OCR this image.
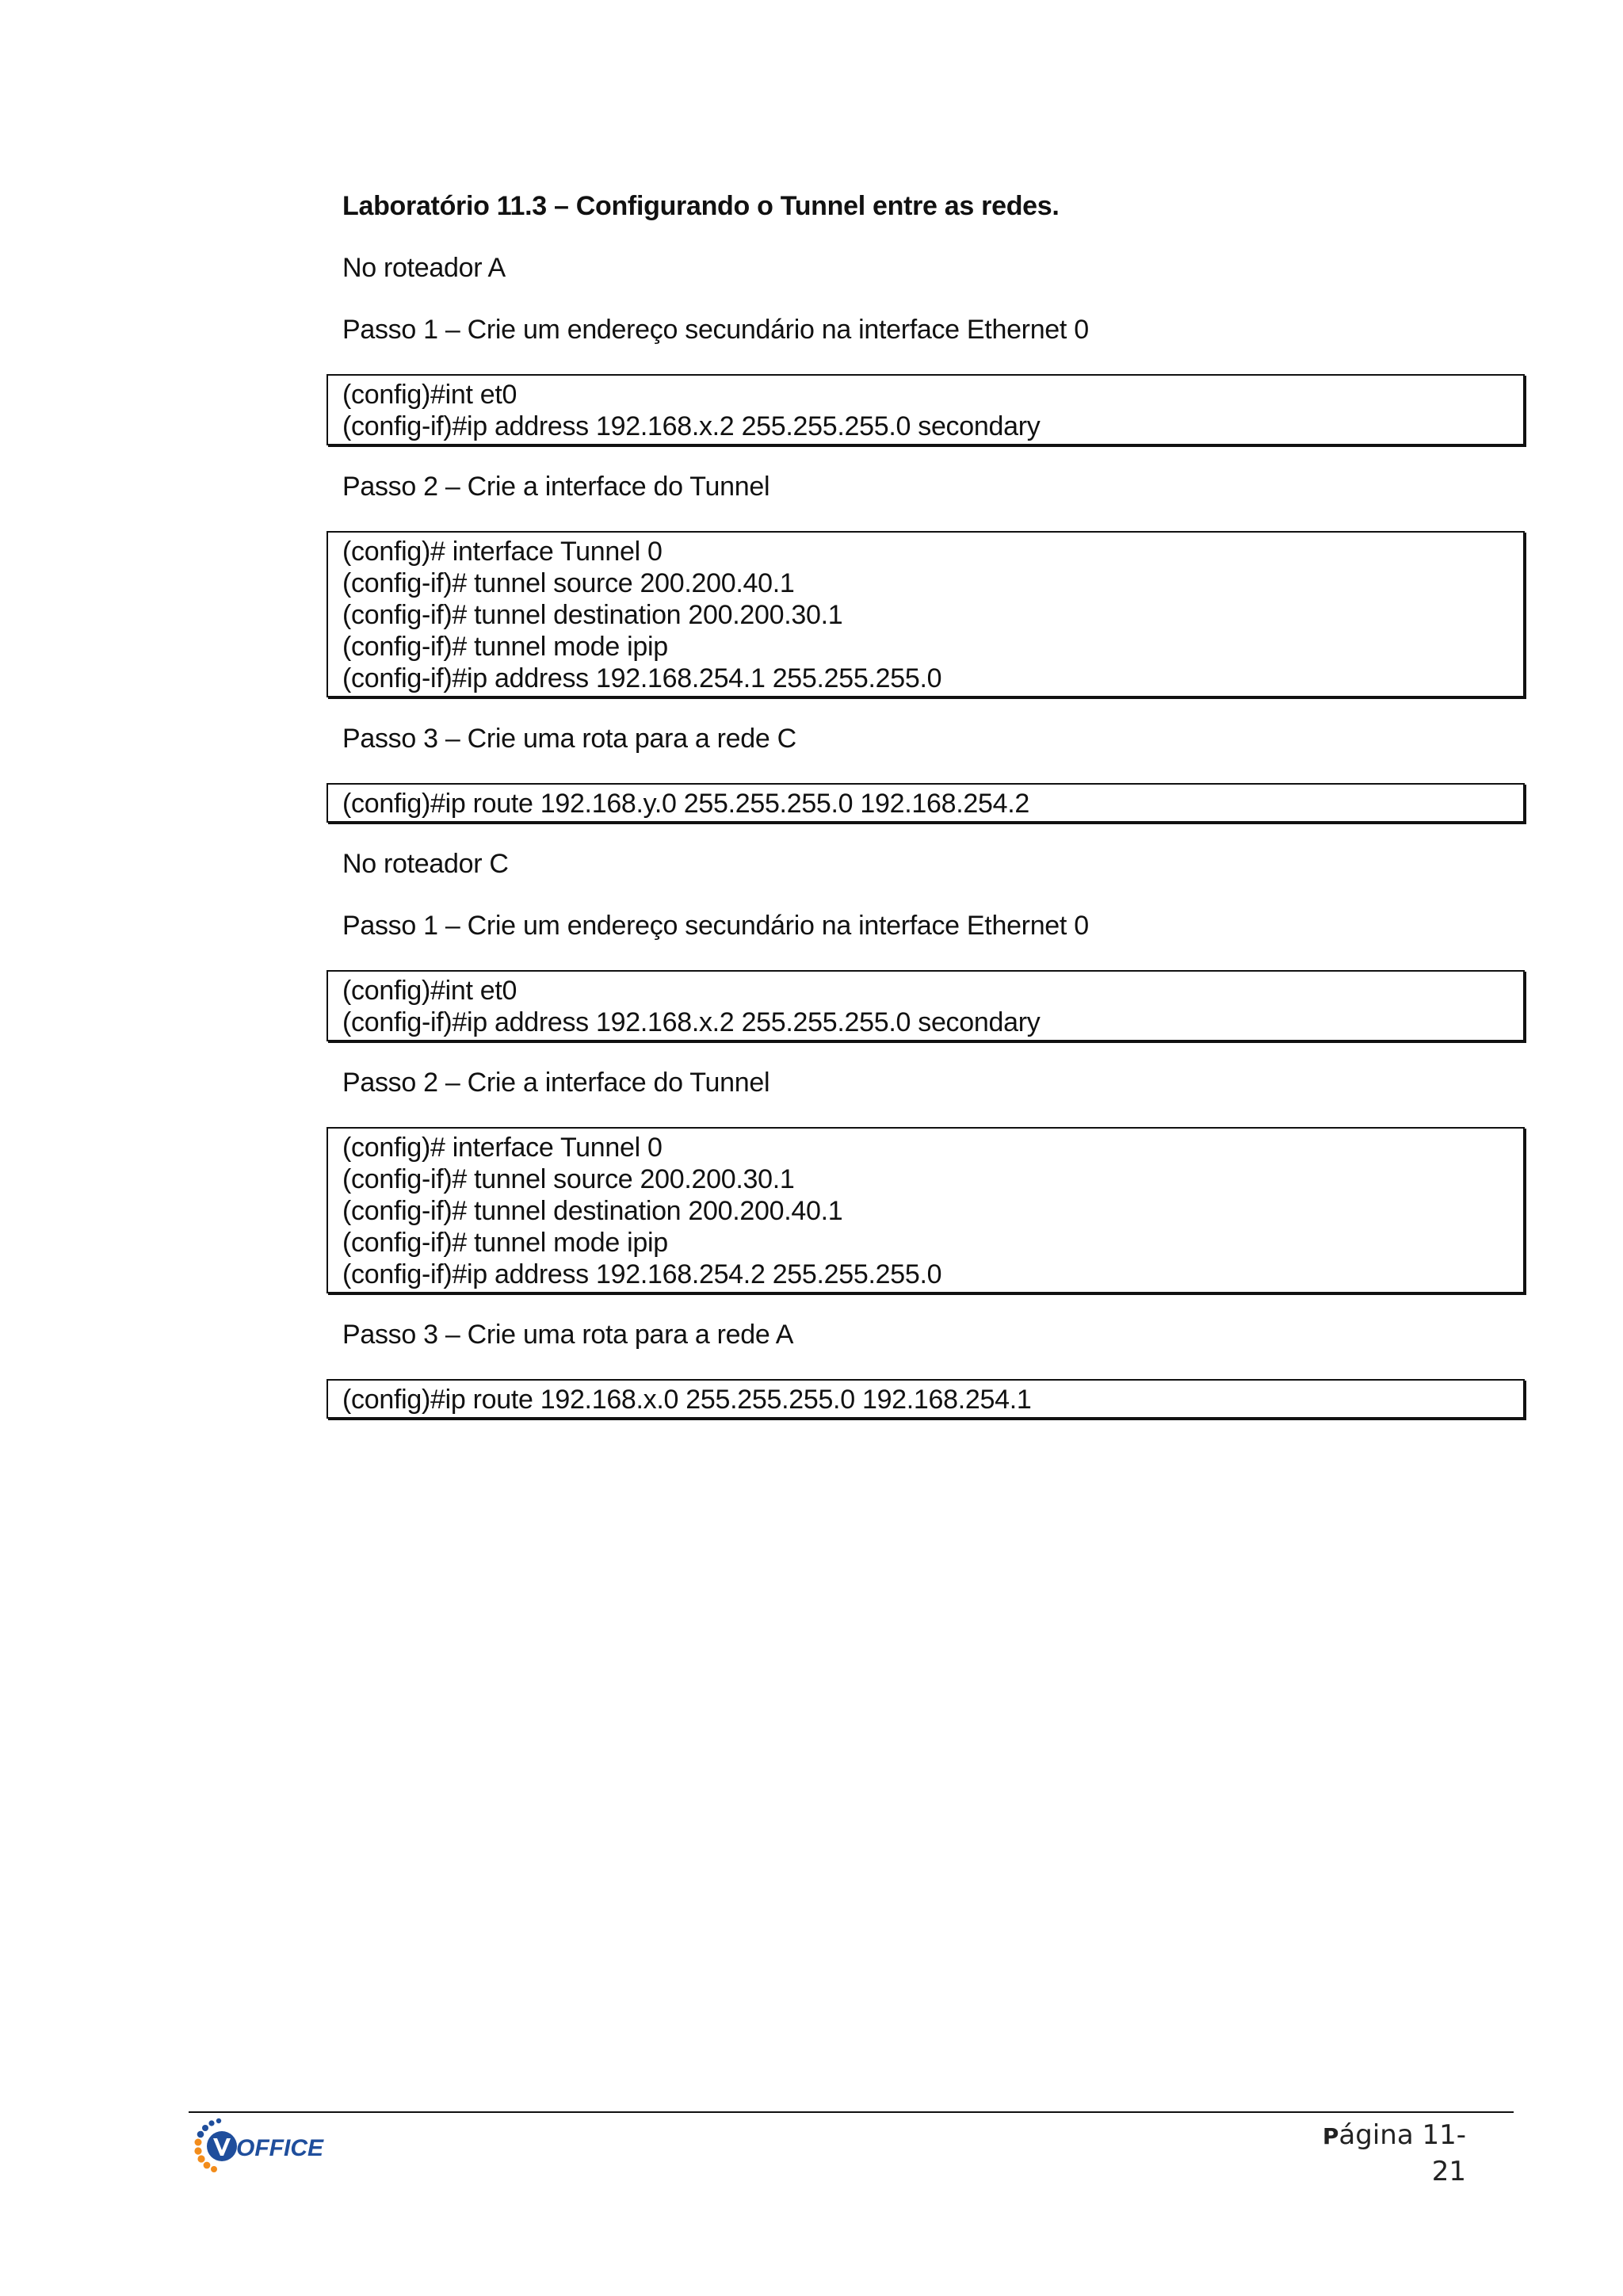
Laboratório 11.3 – Configurando o Tunnel entre as redes.
No roteador A
Passo 1 – Crie um endereço secundário na interface Ethernet 0
(config)#int et0
(config-if)#ip address 192.168.x.2 255.255.255.0 secondary
Passo 2 – Crie a interface do Tunnel
(config)# interface Tunnel 0
(config-if)# tunnel source 200.200.40.1
(config-if)# tunnel destination 200.200.30.1
(config-if)# tunnel mode ipip
(config-if)#ip address 192.168.254.1 255.255.255.0
Passo 3 – Crie uma rota para a rede C
(config)#ip route 192.168.y.0 255.255.255.0 192.168.254.2
No roteador C
Passo 1 – Crie um endereço secundário na interface Ethernet 0
(config)#int et0
(config-if)#ip address 192.168.x.2 255.255.255.0 secondary
Passo 2 – Crie a interface do Tunnel
(config)# interface Tunnel 0
(config-if)# tunnel source 200.200.30.1
(config-if)# tunnel destination 200.200.40.1
(config-if)# tunnel mode ipip
(config-if)#ip address 192.168.254.2 255.255.255.0
Passo 3 – Crie uma rota para a rede A
(config)#ip route 192.168.x.0 255.255.255.0 192.168.254.1
OFFICE	Página 11-21
